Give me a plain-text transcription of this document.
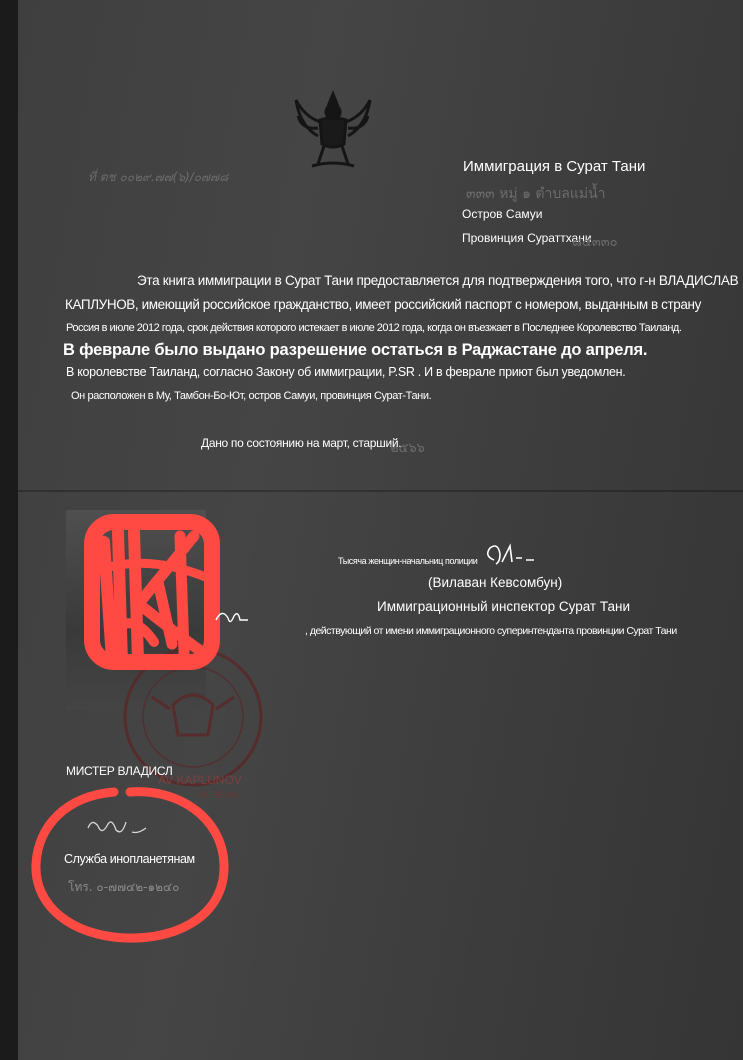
Иммиграция в Сурат Тани
๓๓๓ หมู่ ๑ ตำบลแม่น้ำ
Остров Самуи
Провинция Сураттхани
๘๔๓๓๐
ที่ ตช ๐๐๒๙.๗๗(๖)/๐๗๗๘
Эта книга иммиграции в Сурат Тани предоставляется для подтверждения того, что г-н ВЛАДИСЛАВ
КАПЛУНОВ, имеющий российское гражданство, имеет российский паспорт с номером, выданным в страну
Россия в июле 2012 года, срок действия которого истекает в июле 2012 года, когда он въезжает в Последнее Королевство Таиланд.
В феврале было выдано разрешение остаться в Раджастане до апреля.
В королевстве Таиланд, согласно Закону об иммиграции, P.SR . И в феврале приют был уведомлен.
Он расположен в Му, Тамбон-Бо-Ют, остров Самуи, провинция Сурат-Тани.
Дано по состоянию на март, старший.
๒๕๖๖
AV KAPLUNOV
BUREAU
Тысяча женщин-начальниц полиции
(Вилаван Кевсомбун)
Иммиграционный инспектор Сурат Тани
, действующий от имени иммиграционного суперинтенданта провинции Сурат Тани
МИСТЕР ВЛАДИСЛ
Служба инопланетянам
โทร. ๐-๗๗๔๒-๑๒๔๐
